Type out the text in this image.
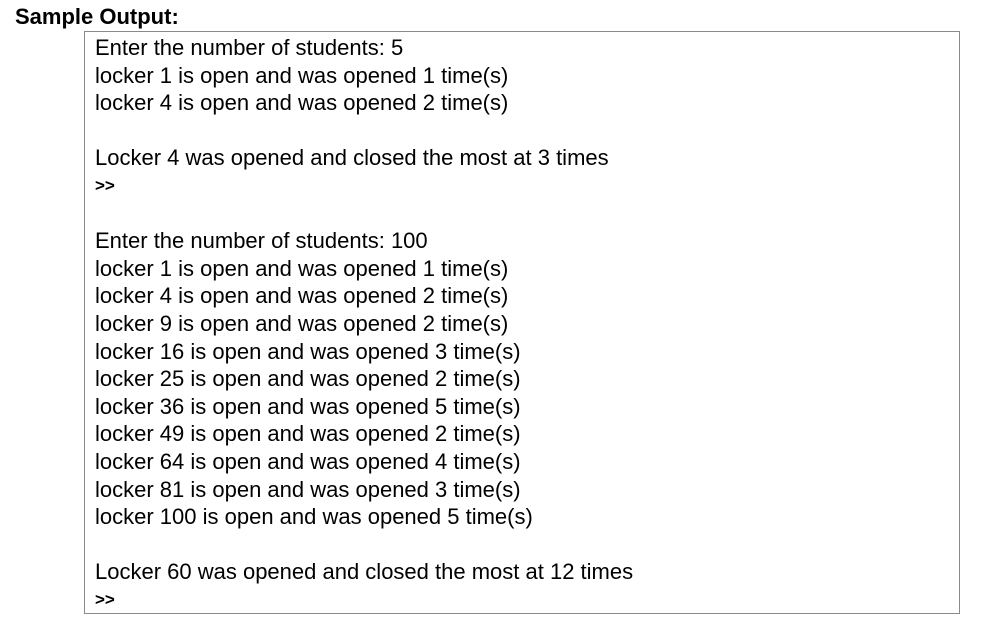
Sample Output:
Enter the number of students: 5
locker 1 is open and was opened 1 time(s)
locker 4 is open and was opened 2 time(s)
Locker 4 was opened and closed the most at 3 times
>>
Enter the number of students: 100
locker 1 is open and was opened 1 time(s)
locker 4 is open and was opened 2 time(s)
locker 9 is open and was opened 2 time(s)
locker 16 is open and was opened 3 time(s)
locker 25 is open and was opened 2 time(s)
locker 36 is open and was opened 5 time(s)
locker 49 is open and was opened 2 time(s)
locker 64 is open and was opened 4 time(s)
locker 81 is open and was opened 3 time(s)
locker 100 is open and was opened 5 time(s)
Locker 60 was opened and closed the most at 12 times
>>
